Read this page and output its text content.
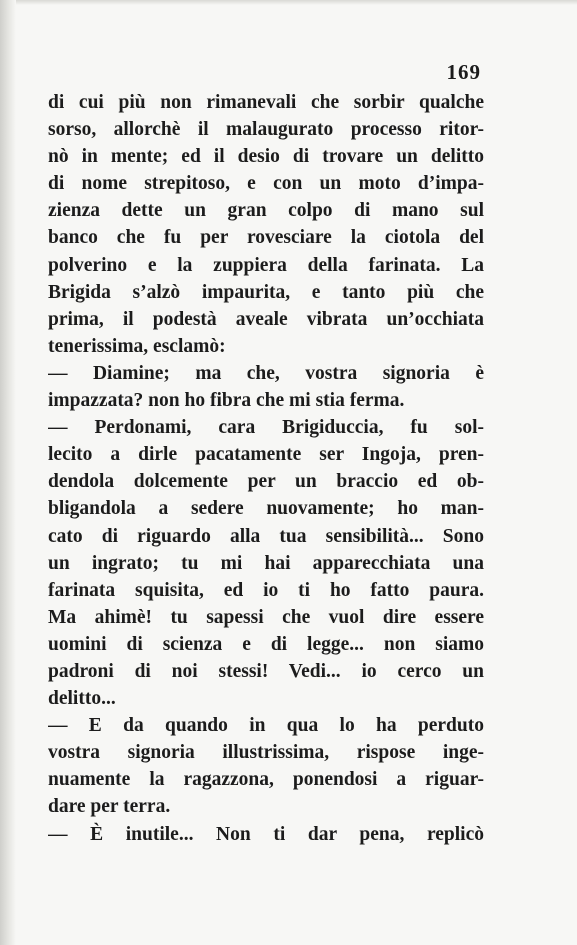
169
di cui più non rimanevali che sorbir qualche
sorso, allorchè il malaugurato processo ritor-
nò in mente; ed il desio di trovare un delitto
di nome strepitoso, e con un moto d’impa-
zienza dette un gran colpo di mano sul
banco che fu per rovesciare la ciotola del
polverino e la zuppiera della farinata. La
Brigida s’alzò impaurita, e tanto più che
prima, il podestà aveale vibrata un’occhiata
tenerissima, esclamò:
— Diamine; ma che, vostra signoria è
impazzata? non ho fibra che mi stia ferma.
— Perdonami, cara Brigiduccia, fu sol-
lecito a dirle pacatamente ser Ingoja, pren-
dendola dolcemente per un braccio ed ob-
bligandola a sedere nuovamente; ho man-
cato di riguardo alla tua sensibilità... Sono
un ingrato; tu mi hai apparecchiata una
farinata squisita, ed io ti ho fatto paura.
Ma ahimè! tu sapessi che vuol dire essere
uomini di scienza e di legge... non siamo
padroni di noi stessi! Vedi... io cerco un
delitto...
— E da quando in qua lo ha perduto
vostra signoria illustrissima, rispose inge-
nuamente la ragazzona, ponendosi a riguar-
dare per terra.
— È inutile... Non ti dar pena, replicò
